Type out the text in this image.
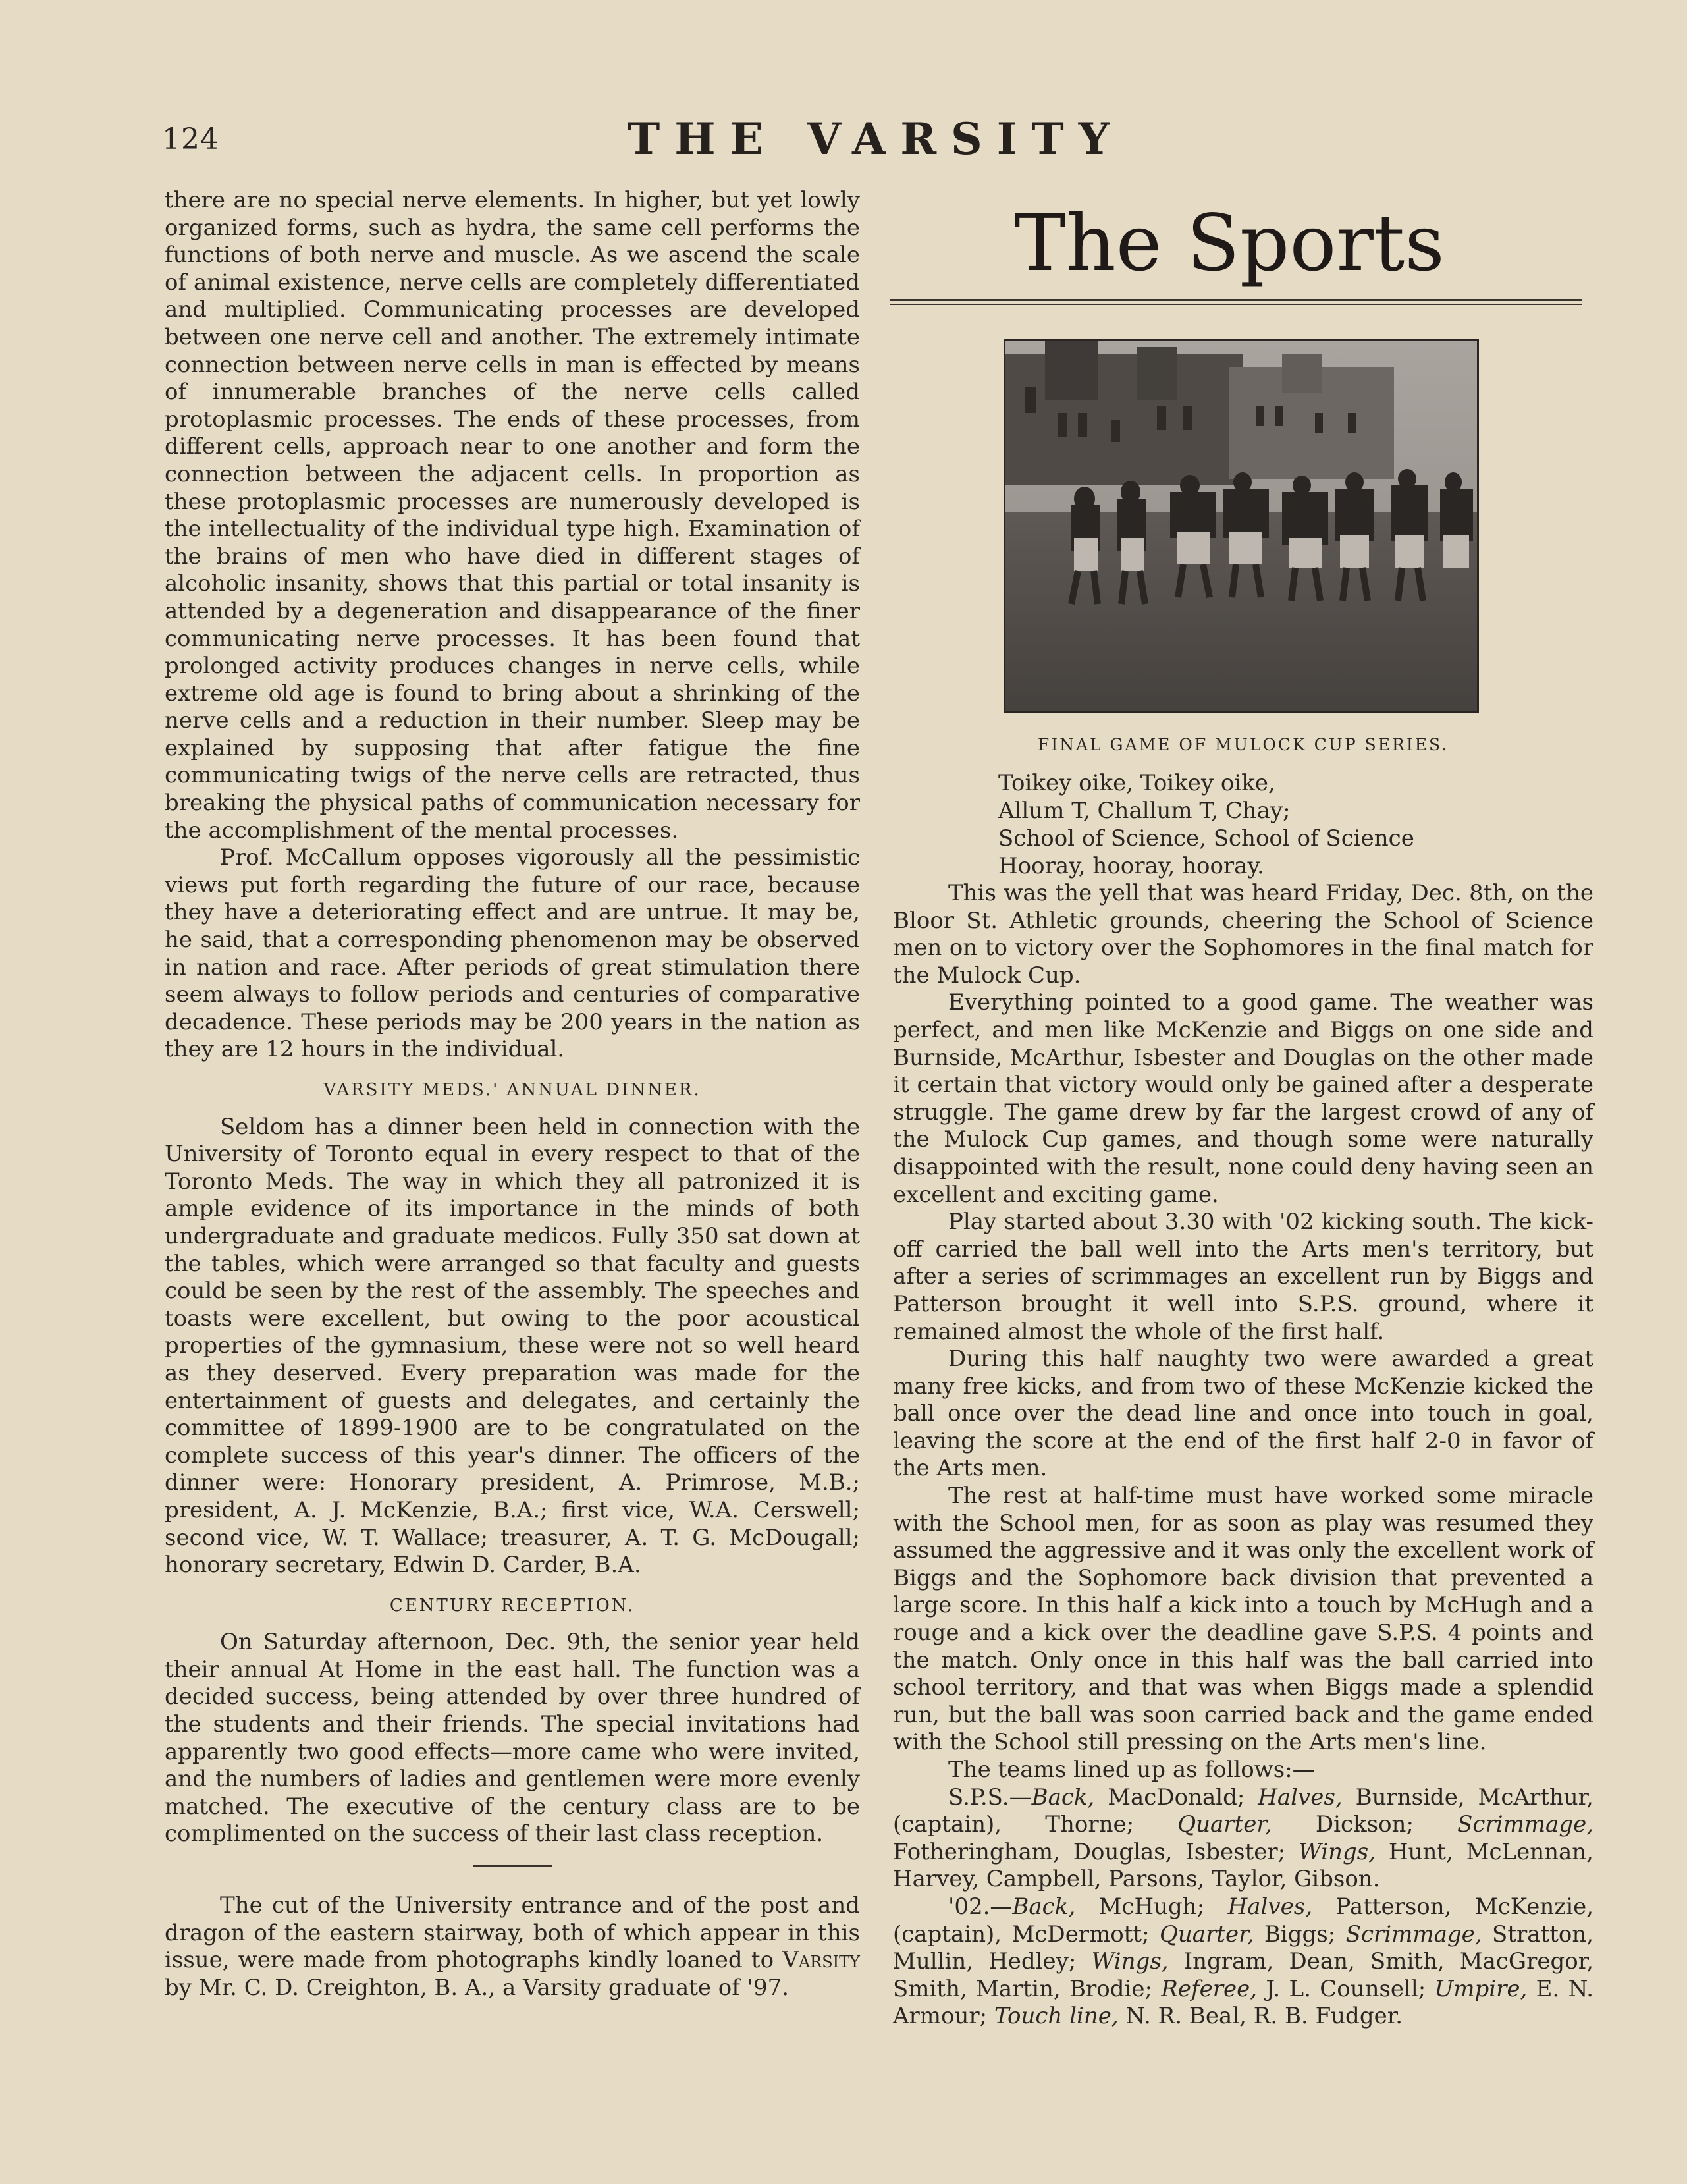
124	THE VARSITY

there are no special nerve elements. In higher, but yet lowly organized forms, such as hydra, the same cell performs the functions of both nerve and muscle. As we ascend the scale of animal existence, nerve cells are completely differentiated and multiplied. Communicating processes are developed between one nerve cell and another. The extremely intimate connection between nerve cells in man is effected by means of innumerable branches of the nerve cells called protoplasmic processes. The ends of these processes, from different cells, approach near to one another and form the connection between the adjacent cells. In proportion as these protoplasmic processes are numerously developed is the intellectuality of the individual type high. Examination of the brains of men who have died in different stages of alcoholic insanity, shows that this partial or total insanity is attended by a degeneration and disappearance of the finer communicating nerve processes. It has been found that prolonged activity produces changes in nerve cells, while extreme old age is found to bring about a shrinking of the nerve cells and a reduction in their number. Sleep may be explained by supposing that after fatigue the fine communicating twigs of the nerve cells are retracted, thus breaking the physical paths of communication necessary for the accomplishment of the mental processes.

Prof. McCallum opposes vigorously all the pessimistic views put forth regarding the future of our race, because they have a deteriorating effect and are untrue. It may be, he said, that a corresponding phenomenon may be observed in nation and race. After periods of great stimulation there seem always to follow periods and centuries of comparative decadence. These periods may be 200 years in the nation as they are 12 hours in the individual.

VARSITY MEDS.' ANNUAL DINNER.

Seldom has a dinner been held in connection with the University of Toronto equal in every respect to that of the Toronto Meds. The way in which they all patronized it is ample evidence of its importance in the minds of both undergraduate and graduate medicos. Fully 350 sat down at the tables, which were arranged so that faculty and guests could be seen by the rest of the assembly. The speeches and toasts were excellent, but owing to the poor acoustical properties of the gymnasium, these were not so well heard as they deserved. Every preparation was made for the entertainment of guests and delegates, and certainly the committee of 1899-1900 are to be congratulated on the complete success of this year's dinner. The officers of the dinner were: Honorary president, A. Primrose, M.B.; president, A. J. McKenzie, B.A.; first vice, W.A. Cerswell; second vice, W. T. Wallace; treasurer, A. T. G. McDougall; honorary secretary, Edwin D. Carder, B.A.

CENTURY RECEPTION.

On Saturday afternoon, Dec. 9th, the senior year held their annual At Home in the east hall. The function was a decided success, being attended by over three hundred of the students and their friends. The special invitations had apparently two good effects—more came who were invited, and the numbers of ladies and gentlemen were more evenly matched. The executive of the century class are to be complimented on the success of their last class reception.

The cut of the University entrance and of the post and dragon of the eastern stairway, both of which appear in this issue, were made from photographs kindly loaned to Varsity by Mr. C. D. Creighton, B. A., a Varsity graduate of '97.

The Sports
FINAL GAME OF MULOCK CUP SERIES.
Toikey oike, Toikey oike,
Allum T, Challum T, Chay;
School of Science, School of Science
Hooray, hooray, hooray.

This was the yell that was heard Friday, Dec. 8th, on the Bloor St. Athletic grounds, cheering the School of Science men on to victory over the Sophomores in the final match for the Mulock Cup.

Everything pointed to a good game. The weather was perfect, and men like McKenzie and Biggs on one side and Burnside, McArthur, Isbester and Douglas on the other made it certain that victory would only be gained after a desperate struggle. The game drew by far the largest crowd of any of the Mulock Cup games, and though some were naturally disappointed with the result, none could deny having seen an excellent and exciting game.

Play started about 3.30 with '02 kicking south. The kick-off carried the ball well into the Arts men's territory, but after a series of scrimmages an excellent run by Biggs and Patterson brought it well into S.P.S. ground, where it remained almost the whole of the first half.

During this half naughty two were awarded a great many free kicks, and from two of these McKenzie kicked the ball once over the dead line and once into touch in goal, leaving the score at the end of the first half 2-0 in favor of the Arts men.

The rest at half-time must have worked some miracle with the School men, for as soon as play was resumed they assumed the aggressive and it was only the excellent work of Biggs and the Sophomore back division that prevented a large score. In this half a kick into a touch by McHugh and a rouge and a kick over the deadline gave S.P.S. 4 points and the match. Only once in this half was the ball carried into school territory, and that was when Biggs made a splendid run, but the ball was soon carried back and the game ended with the School still pressing on the Arts men's line.

The teams lined up as follows:—

S.P.S.—Back, MacDonald; Halves, Burnside, McArthur, (captain), Thorne; Quarter, Dickson; Scrimmage, Fotheringham, Douglas, Isbester; Wings, Hunt, McLennan, Harvey, Campbell, Parsons, Taylor, Gibson.

'02.—Back, McHugh; Halves, Patterson, McKenzie, (captain), McDermott; Quarter, Biggs; Scrimmage, Stratton, Mullin, Hedley; Wings, Ingram, Dean, Smith, MacGregor, Smith, Martin, Brodie; Referee, J. L. Counsell; Umpire, E. N. Armour; Touch line, N. R. Beal, R. B. Fudger.
